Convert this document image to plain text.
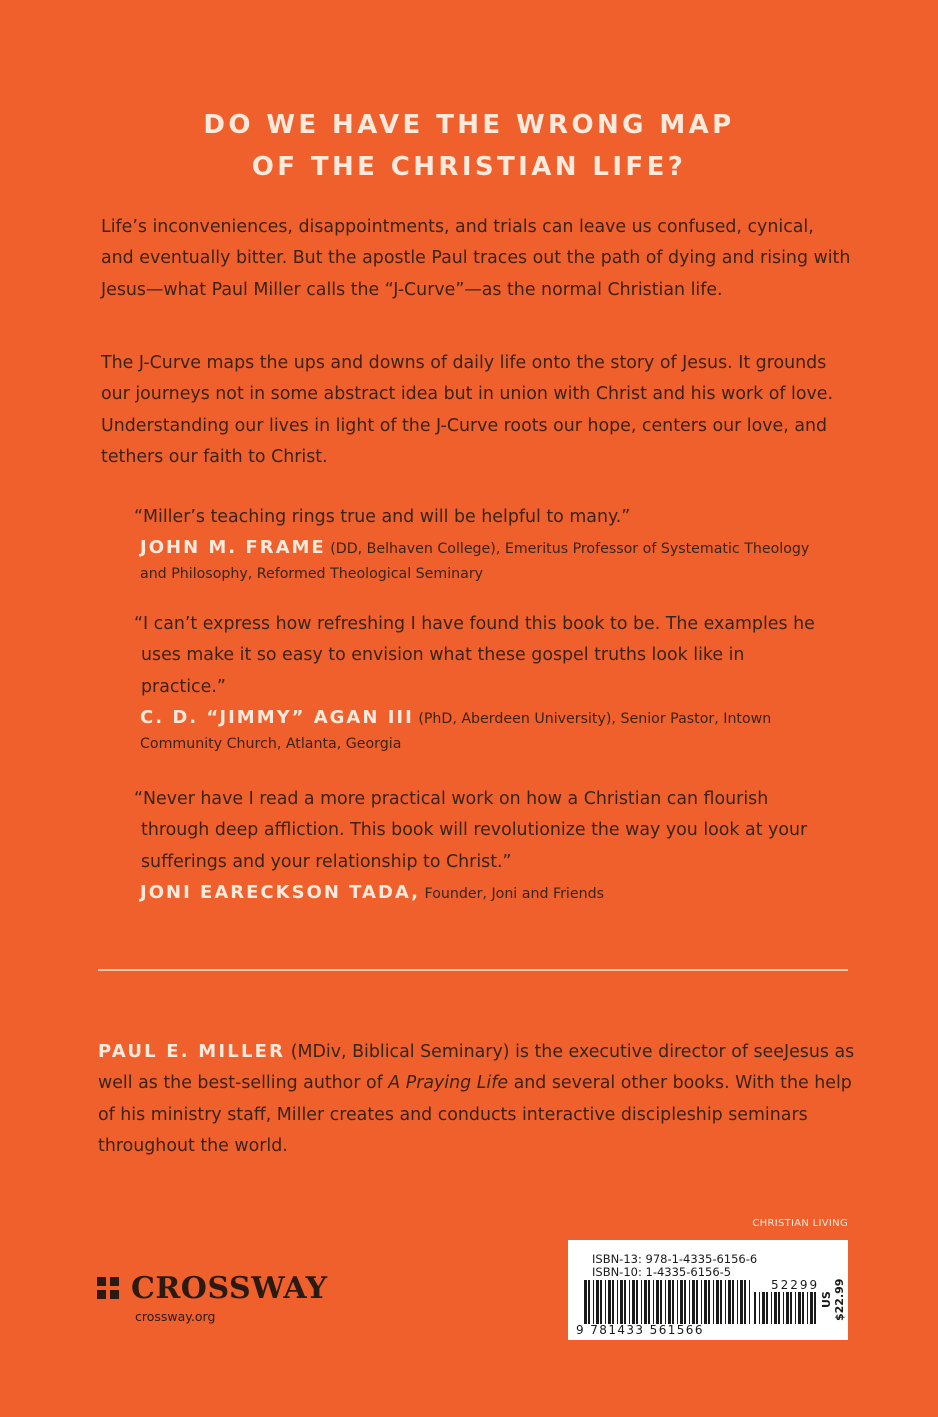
DO WE HAVE THE WRONG MAP
OF THE CHRISTIAN LIFE?

Life’s inconveniences, disappointments, and trials can leave us confused, cynical, and eventually bitter. But the apostle Paul traces out the path of dying and rising with Jesus—what Paul Miller calls the “J-Curve”—as the normal Christian life.

The J-Curve maps the ups and downs of daily life onto the story of Jesus. It grounds our journeys not in some abstract idea but in union with Christ and his work of love. Understanding our lives in light of the J-Curve roots our hope, centers our love, and tethers our faith to Christ.

“Miller’s teaching rings true and will be helpful to many.”
JOHN M. FRAME (DD, Belhaven College), Emeritus Professor of Systematic Theology and Philosophy, Reformed Theological Seminary
“I can’t express how refreshing I have found this book to be. The examples he uses make it so easy to envision what these gospel truths look like in practice.”
C. D. “JIMMY” AGAN III (PhD, Aberdeen University), Senior Pastor, Intown Community Church, Atlanta, Georgia
“Never have I read a more practical work on how a Christian can flourish through deep affliction. This book will revolutionize the way you look at your sufferings and your relationship to Christ.”
JONI EARECKSON TADA, Founder, Joni and Friends

PAUL E. MILLER (MDiv, Biblical Seminary) is the executive director of seeJesus as well as the best-selling author of A Praying Life and several other books. With the help of his ministry staff, Miller creates and conducts interactive discipleship seminars throughout the world.

CHRISTIAN LIVING
CROSSWAY
crossway.org
ISBN-13: 978-1-4335-6156-6
ISBN-10: 1-4335-6156-5
52299
US $22.99
9 781433 561566
